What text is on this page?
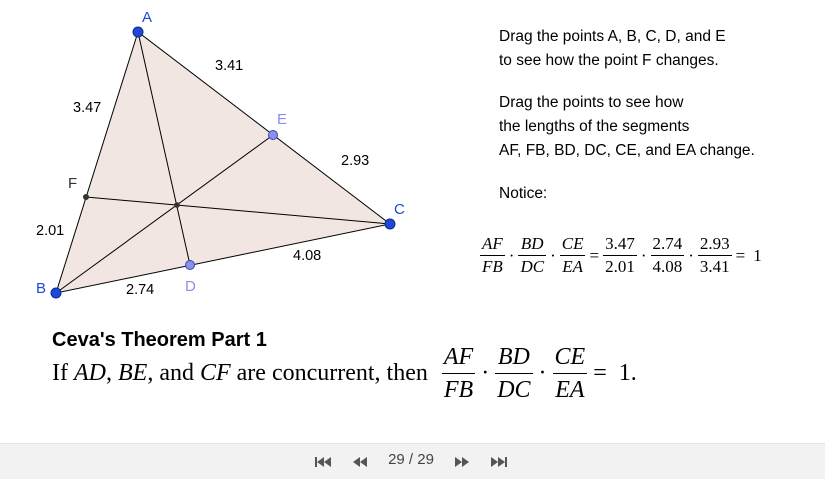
A
B
C
D
E
F
3.41
3.47
2.93
2.01
2.74
4.08
Drag the points A, B, C, D, and E
to see how the point F changes.
Drag the points to see how
the lengths of the segments
AF, FB, BD, DC, CE, and EA change.
Notice:
$\frac{AF}{FB} \cdot \frac{BD}{DC} \cdot \frac{CE}{EA} = \frac{3.47}{2.01} \cdot \frac{2.74}{4.08} \cdot \frac{2.93}{3.41} = 1$
Ceva's Theorem Part 1
If AD, BE, and CF are concurrent, then $\frac{AF}{FB} \cdot \frac{BD}{DC} \cdot \frac{CE}{EA} = 1$.
29 / 29
